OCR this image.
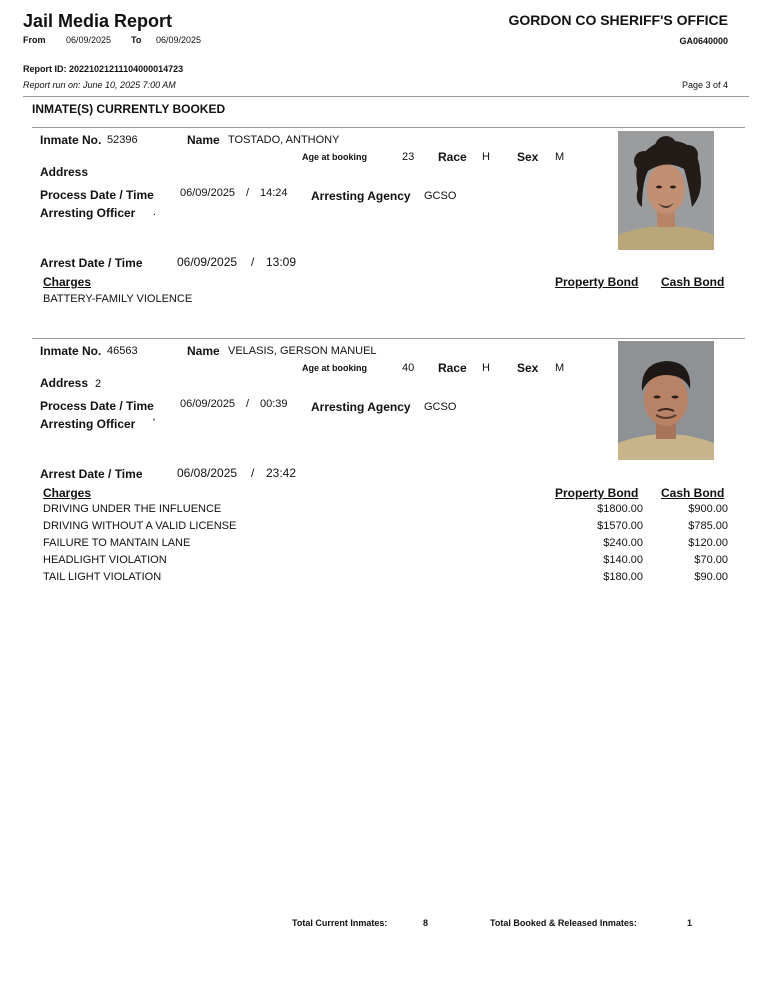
Jail Media Report	GORDON CO SHERIFF'S OFFICE
From 06/09/2025 To 06/09/2025	GA0640000
Report ID: 20221021211104000014723
Report run on: June 10, 2025 7:00 AM	Page 3 of 4
INMATE(S) CURRENTLY BOOKED
Inmate No. 52396	Name TOSTADO, ANTHONY
Age at booking	23 Race H Sex M
Address
Process Date / Time 06/09/2025 / 14:24 Arresting Agency GCSO
Arresting Officer .
Arrest Date / Time	06/09/2025 / 13:09
Charges	Property Bond Cash Bond
BATTERY-FAMILY VIOLENCE
Inmate No. 46563	Name VELASIS, GERSON MANUEL
Age at booking	40 Race H Sex M
Address 2
Process Date / Time 06/09/2025 / 00:39 Arresting Agency GCSO
Arresting Officer '
Arrest Date / Time	06/08/2025 / 23:42
Charges	Property Bond Cash Bond
DRIVING UNDER THE INFLUENCE	$1800.00	$900.00
DRIVING WITHOUT A VALID LICENSE	$1570.00	$785.00
FAILURE TO MANTAIN LANE	$240.00	$120.00
HEADLIGHT VIOLATION	$140.00	$70.00
TAIL LIGHT VIOLATION	$180.00	$90.00
Total Current Inmates:	8	Total Booked & Released Inmates:	1
